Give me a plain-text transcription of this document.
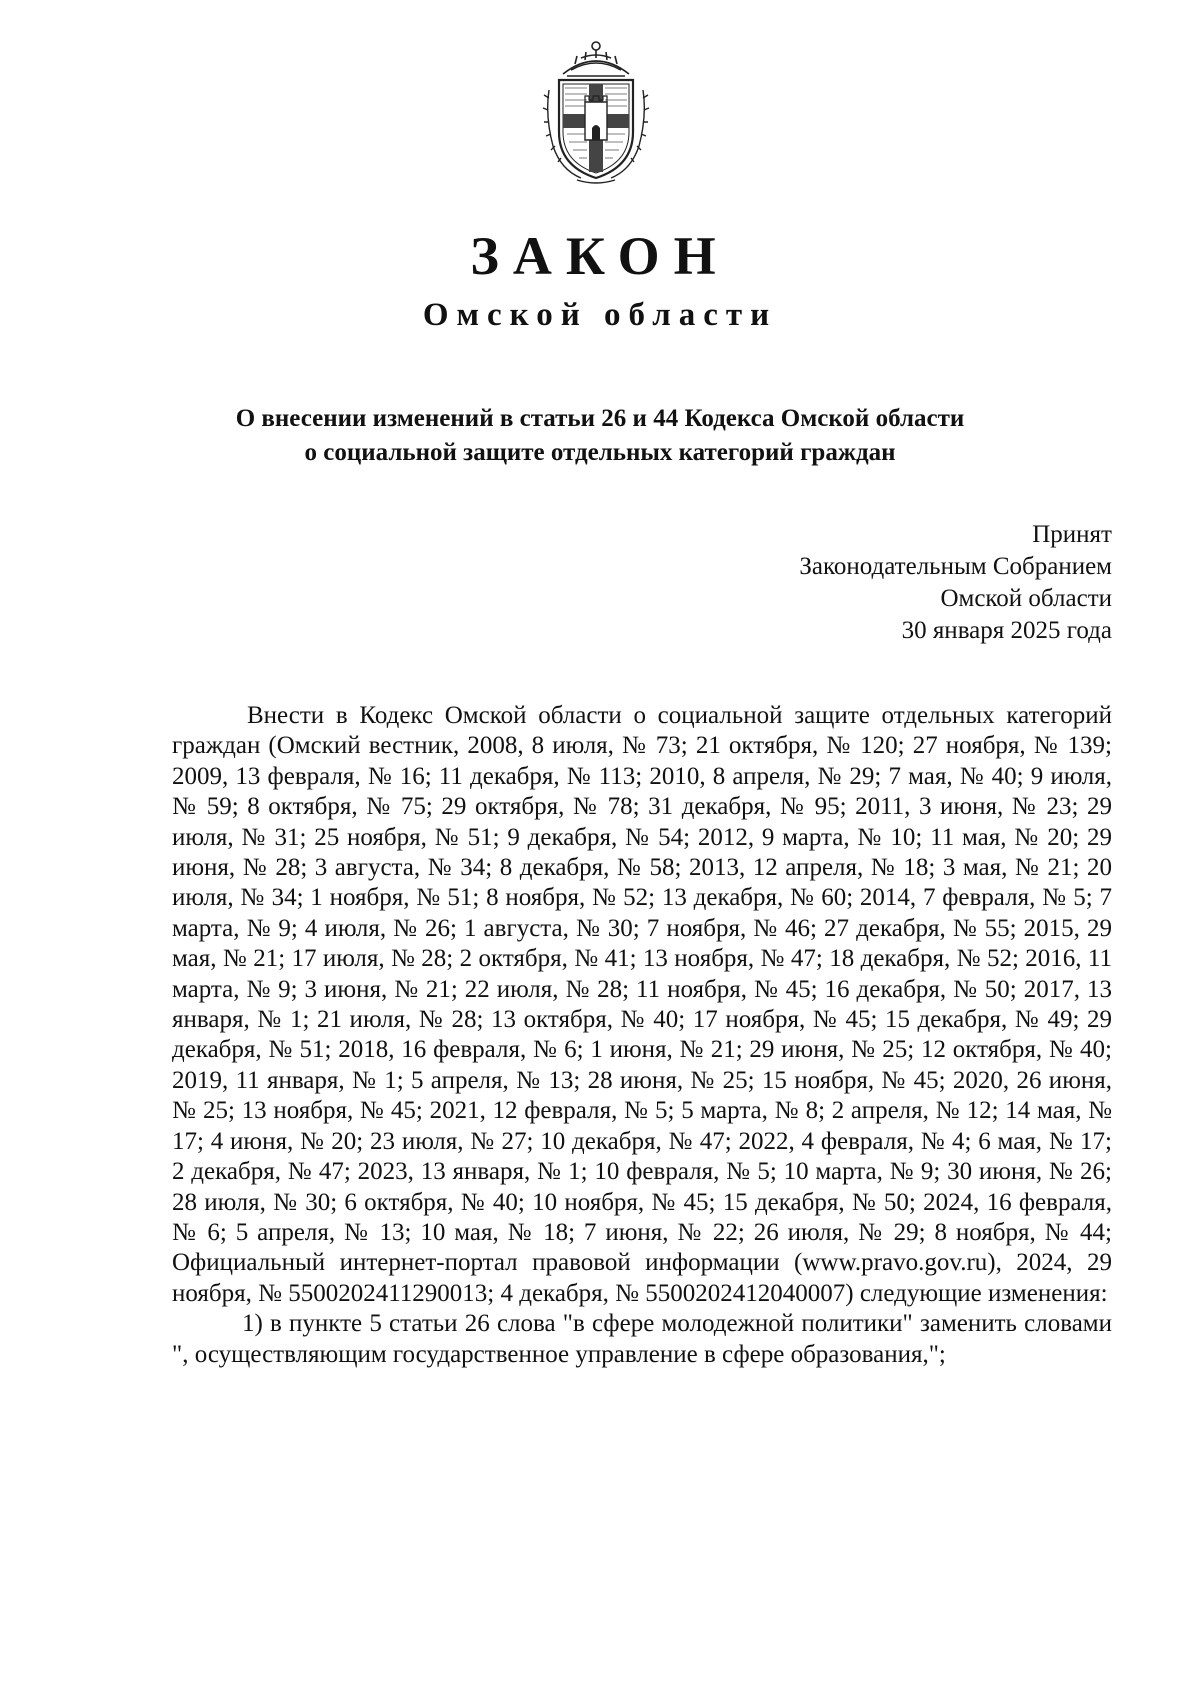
ЗАКОН
Омской области
О внесении изменений в статьи 26 и 44 Кодекса Омской области
о социальной защите отдельных категорий граждан
Принят
Законодательным Собранием
Омской области
30 января 2025 года

Внести в Кодекс Омской области о социальной защите отдельных категорий граждан (Омский вестник, 2008, 8 июля, № 73; 21 октября, № 120; 27 ноября, № 139; 2009, 13 февраля, № 16; 11 декабря, № 113; 2010, 8 апреля, № 29; 7 мая, № 40; 9 июля, № 59; 8 октября, № 75; 29 октября, № 78; 31 декабря, № 95; 2011, 3 июня, № 23; 29 июля, № 31; 25 ноября, № 51; 9 декабря, № 54; 2012, 9 марта, № 10; 11 мая, № 20; 29 июня, № 28; 3 августа, № 34; 8 декабря, № 58; 2013, 12 апреля, № 18; 3 мая, № 21; 20 июля, № 34; 1 ноября, № 51; 8 ноября, № 52; 13 декабря, № 60; 2014, 7 февраля, № 5; 7 марта, № 9; 4 июля, № 26; 1 августа, № 30; 7 ноября, № 46; 27 декабря, № 55; 2015, 29 мая, № 21; 17 июля, № 28; 2 октября, № 41; 13 ноября, № 47; 18 декабря, № 52; 2016, 11 марта, № 9; 3 июня, № 21; 22 июля, № 28; 11 ноября, № 45; 16 декабря, № 50; 2017, 13 января, № 1; 21 июля, № 28; 13 октября, № 40; 17 ноября, № 45; 15 декабря, № 49; 29 декабря, № 51; 2018, 16 февраля, № 6; 1 июня, № 21; 29 июня, № 25; 12 октября, № 40; 2019, 11 января, № 1; 5 апреля, № 13; 28 июня, № 25; 15 ноября, № 45; 2020, 26 июня, № 25; 13 ноября, № 45; 2021, 12 февраля, № 5; 5 марта, № 8; 2 апреля, № 12; 14 мая, № 17; 4 июня, № 20; 23 июля, № 27; 10 декабря, № 47; 2022, 4 февраля, № 4; 6 мая, № 17; 2 декабря, № 47; 2023, 13 января, № 1; 10 февраля, № 5; 10 марта, № 9; 30 июня, № 26; 28 июля, № 30; 6 октября, № 40; 10 ноября, № 45; 15 декабря, № 50; 2024, 16 февраля, № 6; 5 апреля, № 13; 10 мая, № 18; 7 июня, № 22; 26 июля, № 29; 8 ноября, № 44; Официальный интернет-портал правовой информации (www.pravo.gov.ru), 2024, 29 ноября, № 5500202411290013; 4 декабря, № 5500202412040007) следующие изменения:

1) в пункте 5 статьи 26 слова "в сфере молодежной политики" заменить словами ", осуществляющим государственное управление в сфере образования,";
